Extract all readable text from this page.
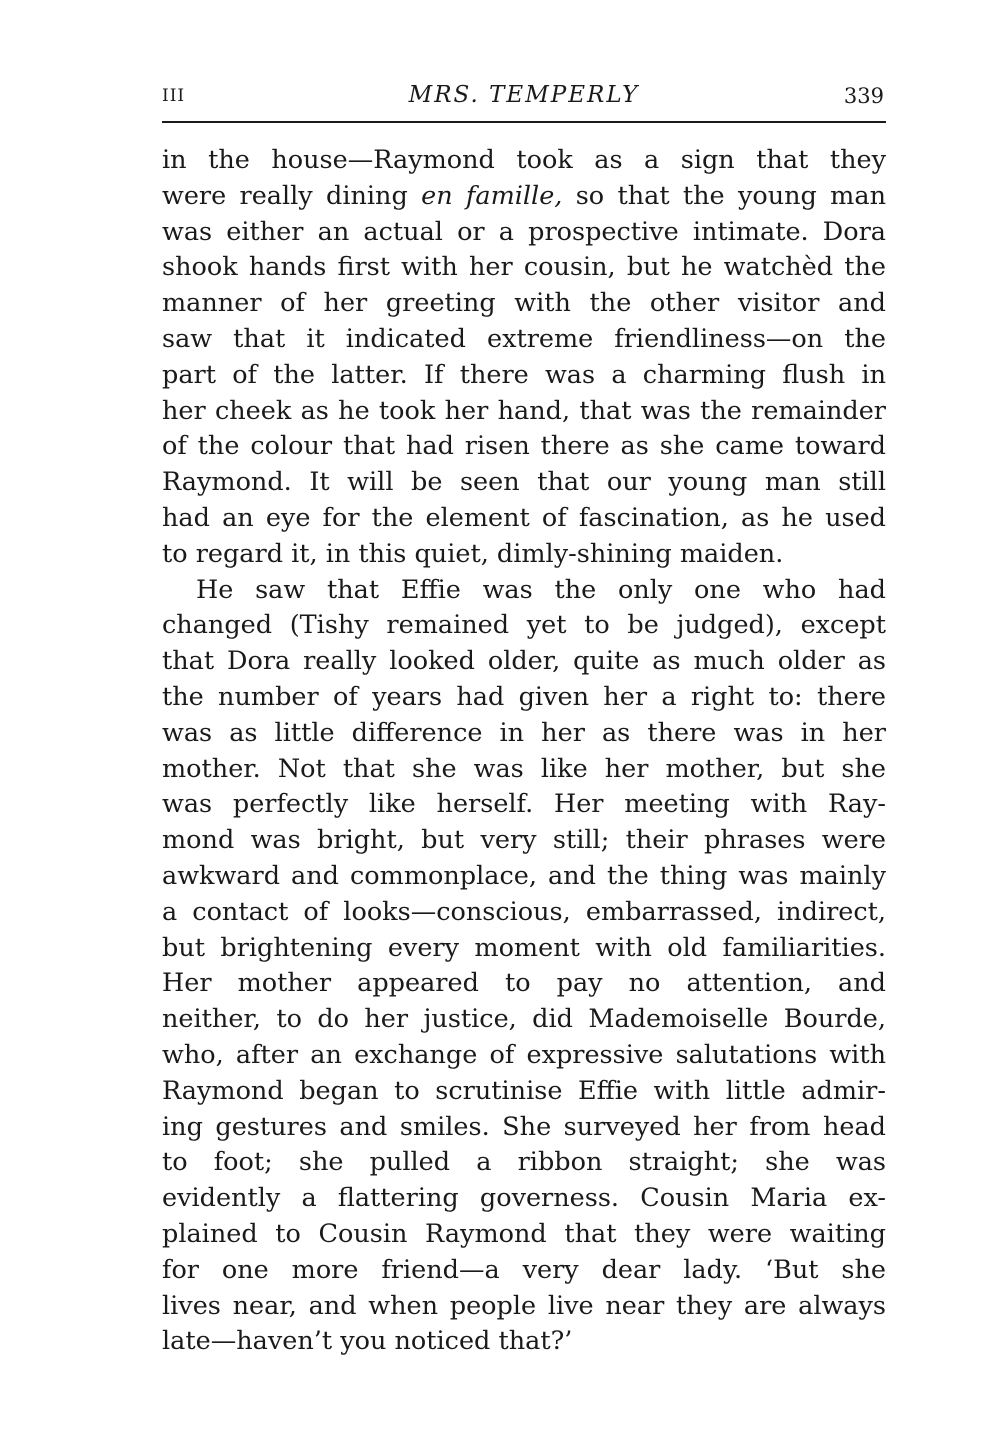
III	MRS. TEMPERLY	339
in the house—Raymond took as a sign that they
were really dining en famille, so that the young man
was either an actual or a prospective intimate. Dora
shook hands first with her cousin, but he watchèd the
manner of her greeting with the other visitor and
saw that it indicated extreme friendliness—on the
part of the latter. If there was a charming flush in
her cheek as he took her hand, that was the remainder
of the colour that had risen there as she came toward
Raymond. It will be seen that our young man still
had an eye for the element of fascination, as he used
to regard it, in this quiet, dimly-shining maiden.
He saw that Effie was the only one who had
changed (Tishy remained yet to be judged), except
that Dora really looked older, quite as much older as
the number of years had given her a right to: there
was as little difference in her as there was in her
mother. Not that she was like her mother, but she
was perfectly like herself. Her meeting with Ray-
mond was bright, but very still; their phrases were
awkward and commonplace, and the thing was mainly
a contact of looks—conscious, embarrassed, indirect,
but brightening every moment with old familiarities.
Her mother appeared to pay no attention, and
neither, to do her justice, did Mademoiselle Bourde,
who, after an exchange of expressive salutations with
Raymond began to scrutinise Effie with little admir-
ing gestures and smiles. She surveyed her from head
to foot; she pulled a ribbon straight; she was
evidently a flattering governess. Cousin Maria ex-
plained to Cousin Raymond that they were waiting
for one more friend—a very dear lady. ‘But she
lives near, and when people live near they are always
late—haven’t you noticed that?’
